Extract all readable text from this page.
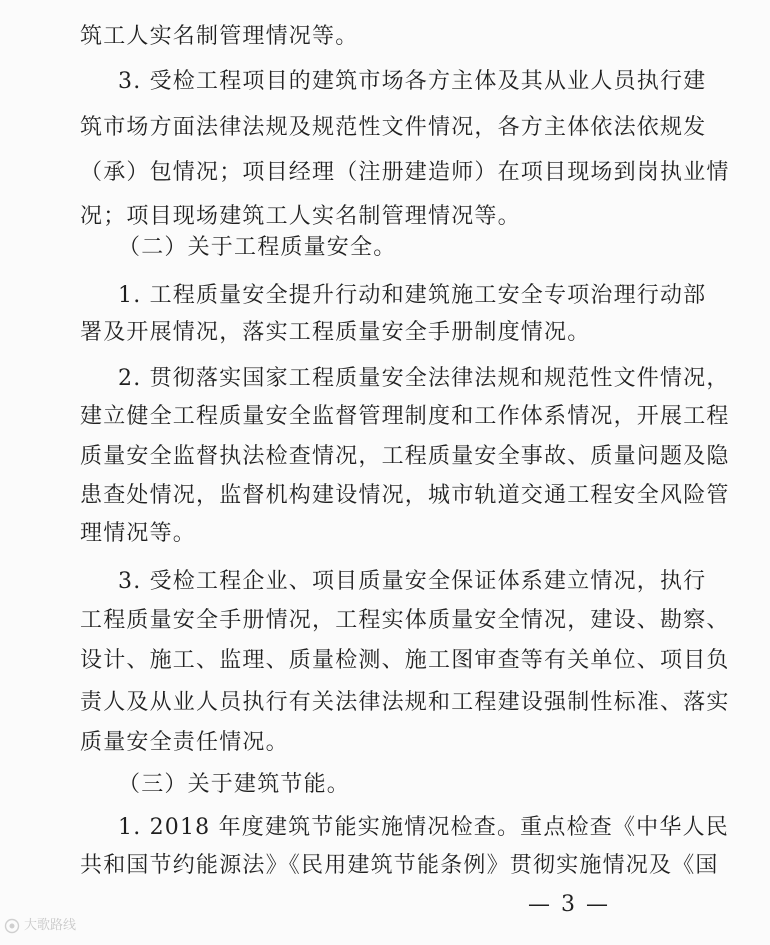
筑工人实名制管理情况等。
3. 受检工程项目的建筑市场各方主体及其从业人员执行建
筑市场方面法律法规及规范性文件情况，各方主体依法依规发
（承）包情况；项目经理（注册建造师）在项目现场到岗执业情
况；项目现场建筑工人实名制管理情况等。
（二）关于工程质量安全。
1. 工程质量安全提升行动和建筑施工安全专项治理行动部
署及开展情况，落实工程质量安全手册制度情况。
2. 贯彻落实国家工程质量安全法律法规和规范性文件情况，
建立健全工程质量安全监督管理制度和工作体系情况，开展工程
质量安全监督执法检查情况，工程质量安全事故、质量问题及隐
患查处情况，监督机构建设情况，城市轨道交通工程安全风险管
理情况等。
3. 受检工程企业、项目质量安全保证体系建立情况，执行
工程质量安全手册情况，工程实体质量安全情况，建设、勘察、
设计、施工、监理、质量检测、施工图审查等有关单位、项目负
责人及从业人员执行有关法律法规和工程建设强制性标准、落实
质量安全责任情况。
（三）关于建筑节能。
1. 2018 年度建筑节能实施情况检查。重点检查《中华人民
共和国节约能源法》《民用建筑节能条例》贯彻实施情况及《国
— 3 —
大歌路线
